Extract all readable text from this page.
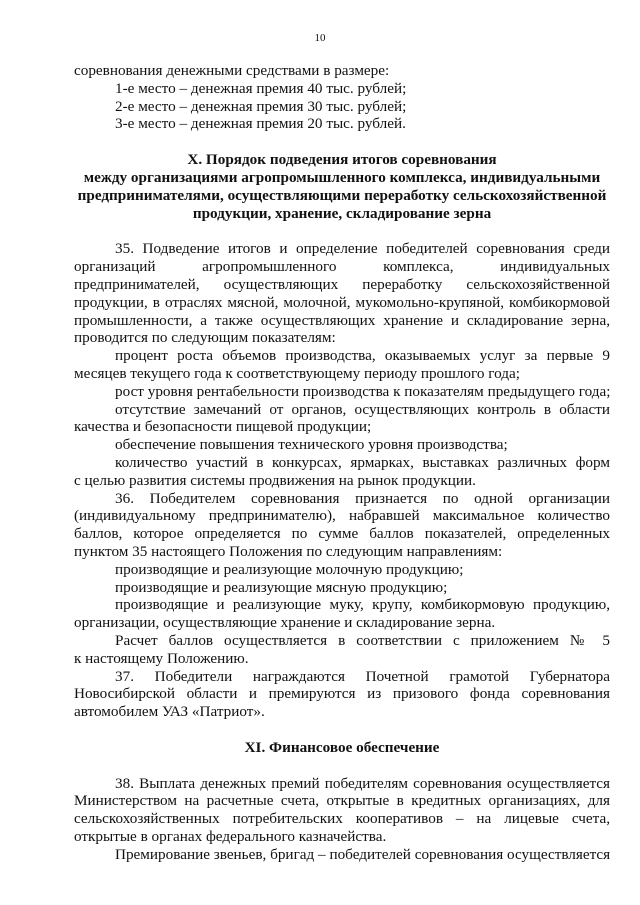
10
соревнования денежными средствами в размере:
1-е место – денежная премия 40 тыс. рублей;
2-е место – денежная премия 30 тыс. рублей;
3-е место – денежная премия 20 тыс. рублей.
X. Порядок подведения итогов соревнования
между организациями агропромышленного комплекса, индивидуальными
предпринимателями, осуществляющими переработку сельскохозяйственной
продукции, хранение, складирование зерна
35. Подведение итогов и определение победителей соревнования среди
организаций агропромышленного комплекса, индивидуальных
предпринимателей, осуществляющих переработку сельскохозяйственной
продукции, в отраслях мясной, молочной, мукомольно-крупяной, комбикормовой
промышленности, а также осуществляющих хранение и складирование зерна,
проводится по следующим показателям:
процент роста объемов производства, оказываемых услуг за первые 9
месяцев текущего года к соответствующему периоду прошлого года;
рост уровня рентабельности производства к показателям предыдущего года;
отсутствие замечаний от органов, осуществляющих контроль в области
качества и безопасности пищевой продукции;
обеспечение повышения технического уровня производства;
количество участий в конкурсах, ярмарках, выставках различных форм
с целью развития системы продвижения на рынок продукции.
36. Победителем соревнования признается по одной организации
(индивидуальному предпринимателю), набравшей максимальное количество
баллов, которое определяется по сумме баллов показателей, определенных
пунктом 35 настоящего Положения по следующим направлениям:
производящие и реализующие молочную продукцию;
производящие и реализующие мясную продукцию;
производящие и реализующие муку, крупу, комбикормовую продукцию,
организации, осуществляющие хранение и складирование зерна.
Расчет баллов осуществляется в соответствии с приложением № 5
к настоящему Положению.
37. Победители награждаются Почетной грамотой Губернатора
Новосибирской области и премируются из призового фонда соревнования
автомобилем УАЗ «Патриот».
XI. Финансовое обеспечение
38. Выплата денежных премий победителям соревнования осуществляется
Министерством на расчетные счета, открытые в кредитных организациях, для
сельскохозяйственных потребительских кооперативов – на лицевые счета,
открытые в органах федерального казначейства.
Премирование звеньев, бригад – победителей соревнования осуществляется
